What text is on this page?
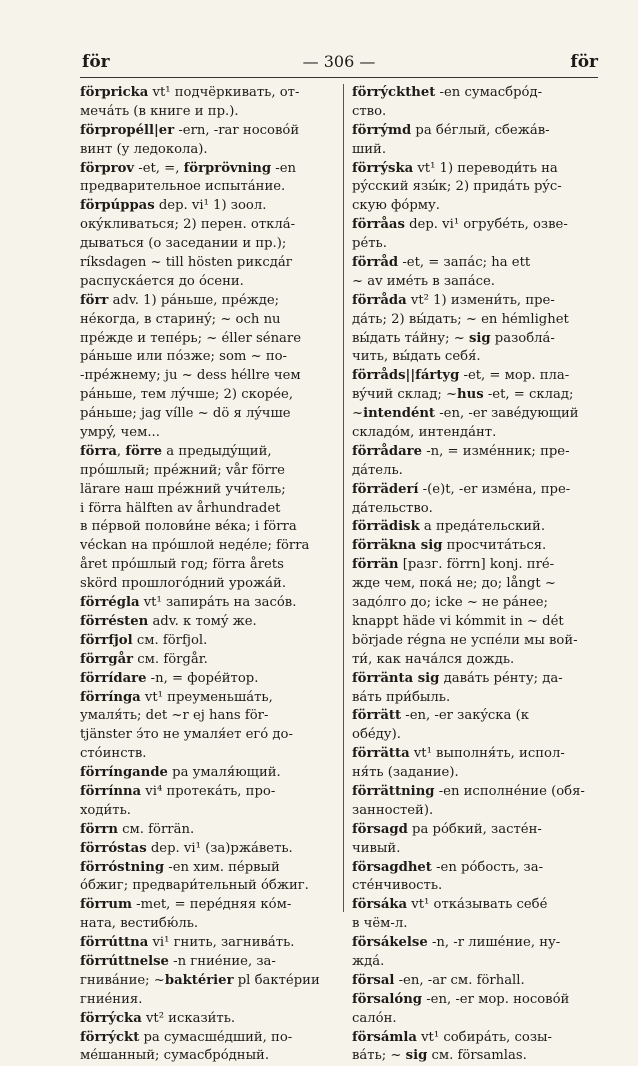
för	— 306 —	för
förpricka vt¹ подчёркивать, от-
мечáть (в книге и пр.).
förpropéll|er -ern, -rar носовóй
винт (у ледокола).
förprov -et, =, förprövning -en
предварительное испытáние.
förpúppas dep. vi¹ 1) зоол.
окýкливаться; 2) перен. отклá-
дываться (о заседании и пр.);
ríksdagen ~ till hösten риксдáг
распускáется до óсени.
förr adv. 1) рáньше, прéжде;
нéкогда, в старинý; ~ och nu
прéжде и тепéрь; ~ éller sénare
рáньше или пóзже; som ~ по-
-прéжнему; ju ~ dess héllre чем
рáньше, тем лýчше; 2) скорéе,
рáньше; jag vílle ~ dö я лýчше
умрý, чем...
förra, förre a предыдýщий,
прóшлый; прéжний; vår förre
lärare наш прéжний учи́тель;
i förra hälften av århundradet
в пéрвой полови́не вéка; i förra
véckan на прóшлой недéле; förra
året прóшлый год; förra årets
skörd прошлогóдний урожáй.
förrégla vt¹ запирáть на засóв.
förrésten adv. к томý же.
förrfjol см. förfjol.
förrgår см. förgår.
förrídare -n, = форéйтор.
förrínga vt¹ преуменьшáть,
умаля́ть; det ~r ej hans för-
tjänster э́то не умаля́ет егó до-
стóинств.
förríngande pa умаля́ющий.
förrínna vi⁴ протекáть, про-
ходи́ть.
förrn см. förrän.
förróstas dep. vi¹ (за)ржáветь.
förróstning -en хим. пéрвый
óбжиг; предвари́тельный óбжиг.
förrum -met, = перéдняя кóм-
ната, вестибю́ль.
förrúttna vi¹ гнить, загнивáть.
förrúttnelse -n гниéние, за-
гнивáние; ~baktérier pl бактéрии
гниéния.
förrýcka vt² искази́ть.
förrýckt pa сумасшéдший, по-
мéшанный; сумасбрóдный.
förrýckthet -en сумасбрóд-
ство.
förrýmd pa бéглый, сбежáв-
ший.
förrýska vt¹ 1) переводи́ть на
рýсский язы́к; 2) придáть рýс-
скую фóрму.
förråas dep. vi¹ огрубéть, озве-
рéть.
förråd -et, = запáс; ha ett
~ av имéть в запáсе.
förråda vt² 1) измени́ть, пре-
дáть; 2) вы́дать; ~ en hémlighet
вы́дать тáйну; ~ sig разоблá-
чить, вы́дать себя́.
förråds||fártyg -et, = мор. пла-
вýчий склад; ~hus -et, = склад;
~intendént -en, -er завéдующий
складóм, интендáнт.
förrådare -n, = измéнник; пре-
дáтель.
förräderí -(e)t, -er измéна, пре-
дáтельство.
förrädisk a предáтельский.
förräkna sig просчитáться.
förrän [разг. förrn] konj. пré-
жде чем, покá не; до; långt ~
задóлго до; icke ~ не рáнее;
knappt häde vi kómmit in ~ dét
började régna не успéли мы вой-
ти́, как начáлся дождь.
förränta sig давáть рéнту; да-
вáть при́быль.
förrätt -en, -er закýска (к
обéду).
förrätta vt¹ выполня́ть, испол-
ня́ть (задание).
förrättning -en исполнéние (обя-
занностей).
försagd pa рóбкий, застéн-
чивый.
försagdhet -en рóбость, за-
стéнчивость.
försáka vt¹ откáзывать себé
в чём-л.
försákelse -n, -r лишéние, ну-
ждá.
försal -en, -ar см. förhall.
försalóng -en, -er мор. носовóй
салóн.
försámla vt¹ собирáть, созы-
вáть; ~ sig см. församlas.
